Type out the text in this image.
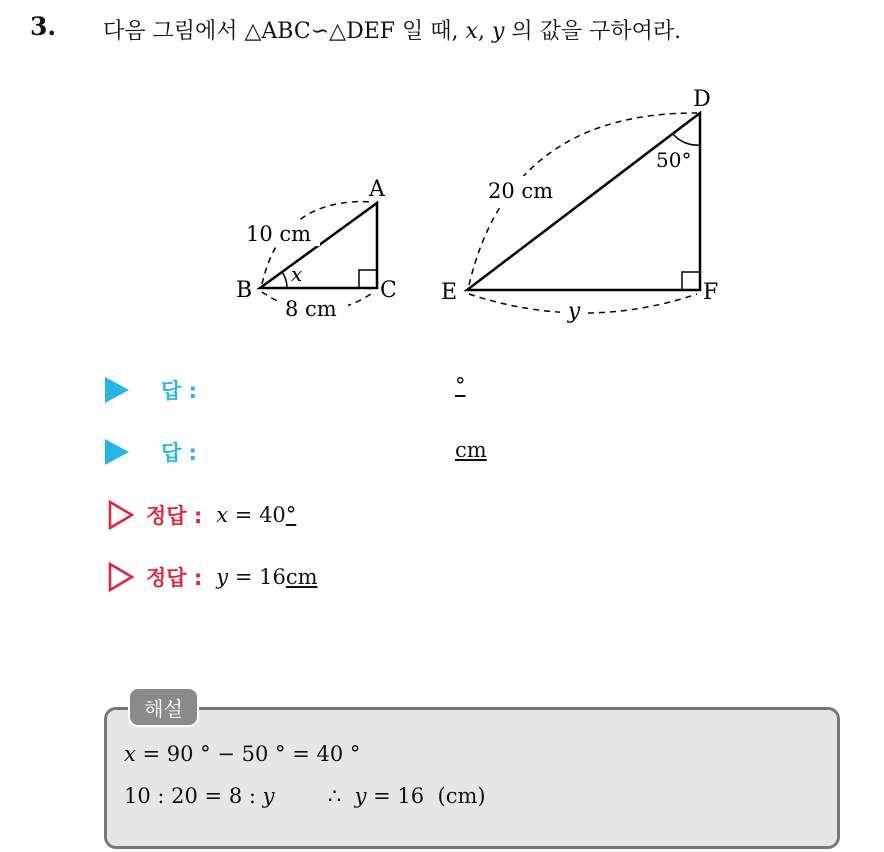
3. 다음 그림에서 △ABC∽△DEF 일 때, x, y 의 값을 구하여라.
A
B	C
10 cm
8 cm
x
D
E	F
20 cm
y
50°
답 :	°
답 :	cm
정답 : x = 40°
정답 : y = 16cm
해설
x = 90 ° − 50 ° = 40 °
10 : 20 = 8 : y        ∴  y = 16  (cm)
